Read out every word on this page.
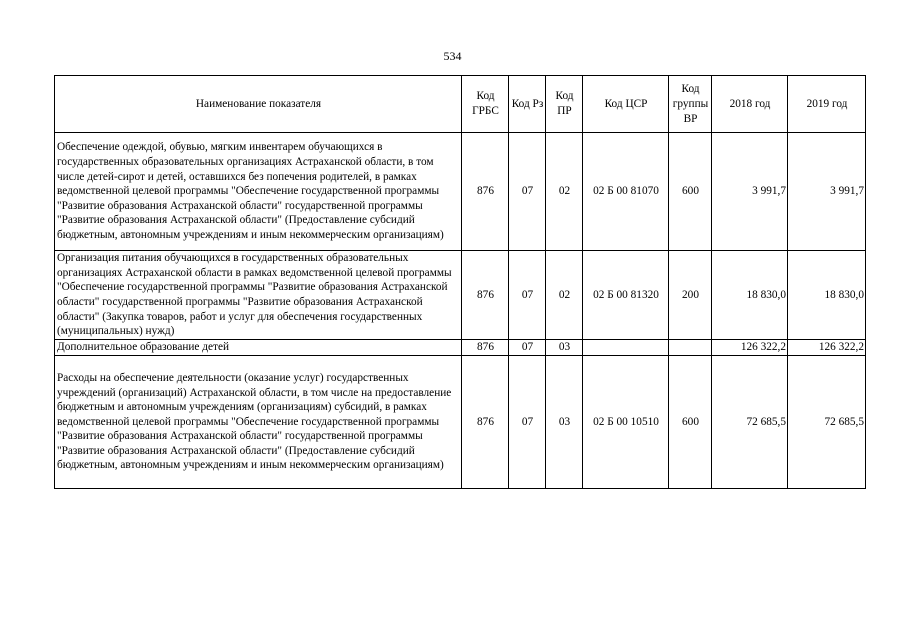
534
Наименование показателя	Код ГРБС	Код Рз	Код ПР	Код ЦСР	Код группы ВР	2018 год	2019 год
Обеспечение одеждой, обувью, мягким инвентарем обучающихся в государственных образовательных организациях Астраханской области, в том числе детей-сирот и детей, оставшихся без попечения родителей, в рамках ведомственной целевой программы "Обеспечение государственной программы "Развитие образования Астраханской области" государственной программы "Развитие образования Астраханской области" (Предоставление субсидий бюджетным, автономным учреждениям и иным некоммерческим организациям)	876	07	02	02 Б 00 81070	600	3 991,7	3 991,7
Организация питания обучающихся в государственных образовательных организациях Астраханской области в рамках ведомственной целевой программы "Обеспечение государственной программы "Развитие образования Астраханской области" государственной программы "Развитие образования Астраханской области" (Закупка товаров, работ и услуг для обеспечения государственных (муниципальных) нужд)	876	07	02	02 Б 00 81320	200	18 830,0	18 830,0
Дополнительное образование детей	876	07	03			126 322,2	126 322,2
Расходы на обеспечение деятельности (оказание услуг) государственных учреждений (организаций) Астраханской области, в том числе на предоставление бюджетным и автономным учреждениям (организациям) субсидий, в рамках ведомственной целевой программы "Обеспечение государственной программы "Развитие образования Астраханской области" государственной программы "Развитие образования Астраханской области" (Предоставление субсидий бюджетным, автономным учреждениям и иным некоммерческим организациям)	876	07	03	02 Б 00 10510	600	72 685,5	72 685,5
